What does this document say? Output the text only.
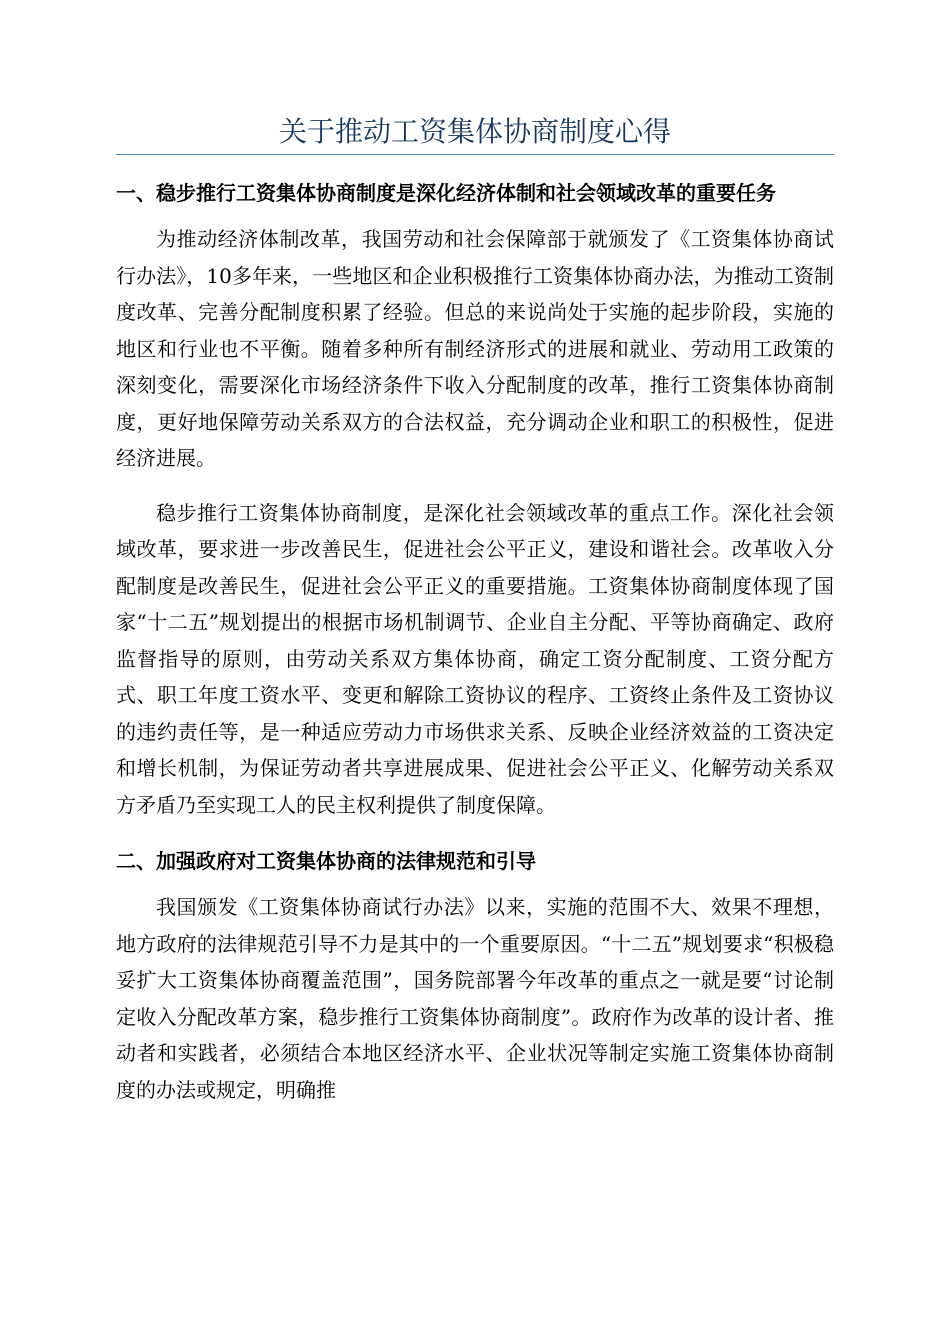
关于推动工资集体协商制度心得
一、稳步推行工资集体协商制度是深化经济体制和社会领域改革的重要任务

为推动经济体制改革，我国劳动和社会保障部于就颁发了《工资集体协商试行办法》，10多年来，一些地区和企业积极推行工资集体协商办法，为推动工资制度改革、完善分配制度积累了经验。但总的来说尚处于实施的起步阶段，实施的地区和行业也不平衡。随着多种所有制经济形式的进展和就业、劳动用工政策的深刻变化，需要深化市场经济条件下收入分配制度的改革，推行工资集体协商制度，更好地保障劳动关系双方的合法权益，充分调动企业和职工的积极性，促进经济进展。

稳步推行工资集体协商制度，是深化社会领域改革的重点工作。深化社会领域改革，要求进一步改善民生，促进社会公平正义，建设和谐社会。改革收入分配制度是改善民生，促进社会公平正义的重要措施。工资集体协商制度体现了国家“十二五”规划提出的根据市场机制调节、企业自主分配、平等协商确定、政府监督指导的原则，由劳动关系双方集体协商，确定工资分配制度、工资分配方式、职工年度工资水平、变更和解除工资协议的程序、工资终止条件及工资协议的违约责任等，是一种适应劳动力市场供求关系、反映企业经济效益的工资决定和增长机制，为保证劳动者共享进展成果、促进社会公平正义、化解劳动关系双方矛盾乃至实现工人的民主权利提供了制度保障。

二、加强政府对工资集体协商的法律规范和引导

我国颁发《工资集体协商试行办法》以来，实施的范围不大、效果不理想，地方政府的法律规范引导不力是其中的一个重要原因。“十二五”规划要求“积极稳妥扩大工资集体协商覆盖范围”，国务院部署今年改革的重点之一就是要“讨论制定收入分配改革方案，稳步推行工资集体协商制度”。政府作为改革的设计者、推动者和实践者，必须结合本地区经济水平、企业状况等制定实施工资集体协商制度的办法或规定，明确推
